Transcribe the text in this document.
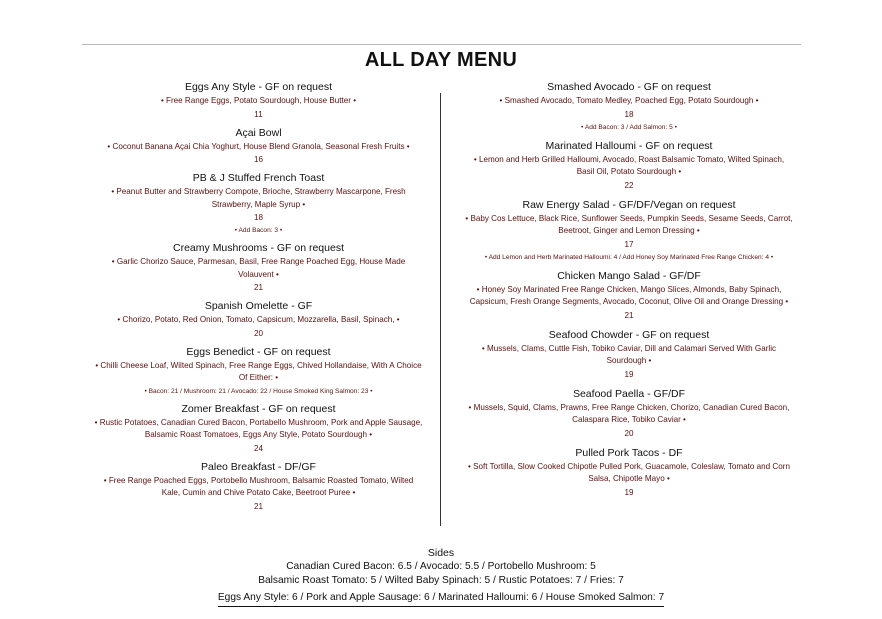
ALL DAY MENU
Eggs Any Style - GF on request
• Free Range Eggs, Potato Sourdough, House Butter •
11
Açai Bowl
• Coconut Banana Açai Chia Yoghurt, House Blend Granola, Seasonal Fresh Fruits •
16
PB & J Stuffed French Toast
• Peanut Butter and Strawberry Compote, Brioche, Strawberry Mascarpone, Fresh Strawberry, Maple Syrup •
18
• Add Bacon: 3 •
Creamy Mushrooms - GF on request
• Garlic Chorizo Sauce, Parmesan, Basil, Free Range Poached Egg, House Made Volauvent •
21
Spanish Omelette - GF
• Chorizo, Potato, Red Onion, Tomato, Capsicum, Mozzarella, Basil, Spinach, •
20
Eggs Benedict - GF on request
• Chilli Cheese Loaf, Wilted Spinach, Free Range Eggs, Chived Hollandaise, With A Choice Of Either: •
• Bacon: 21 / Mushroom: 21 / Avocado: 22 / House Smoked King Salmon: 23 •
Zomer Breakfast - GF on request
• Rustic Potatoes, Canadian Cured Bacon, Portabello Mushroom, Pork and Apple Sausage, Balsamic Roast Tomatoes, Eggs Any Style, Potato Sourdough •
24
Paleo Breakfast - DF/GF
• Free Range Poached Eggs, Portobello Mushroom, Balsamic Roasted Tomato, Wilted Kale, Cumin and Chive Potato Cake, Beetroot Puree •
21
Smashed Avocado - GF on request
• Smashed Avocado, Tomato Medley, Poached Egg, Potato Sourdough •
18
• Add Bacon: 3 / Add Salmon: 5 •
Marinated Halloumi - GF on request
• Lemon and Herb Grilled Halloumi, Avocado, Roast Balsamic Tomato, Wilted Spinach, Basil Oil, Potato Sourdough •
22
Raw Energy Salad - GF/DF/Vegan on request
• Baby Cos Lettuce, Black Rice, Sunflower Seeds, Pumpkin Seeds, Sesame Seeds, Carrot, Beetroot, Ginger and Lemon Dressing •
17
• Add Lemon and Herb Marinated Halloumi: 4 / Add Honey Soy Marinated Free Range Chicken: 4 •
Chicken Mango Salad - GF/DF
• Honey Soy Marinated Free Range Chicken, Mango Slices, Almonds, Baby Spinach, Capsicum, Fresh Orange Segments, Avocado, Coconut, Olive Oil and Orange Dressing •
21
Seafood Chowder - GF on request
• Mussels, Clams, Cuttle Fish, Tobiko Caviar, Dill and Calamari Served With Garlic Sourdough •
19
Seafood Paella - GF/DF
• Mussels, Squid, Clams, Prawns, Free Range Chicken, Chorizo, Canadian Cured Bacon, Calaspara Rice, Tobiko Caviar •
20
Pulled Pork Tacos - DF
• Soft Tortilla, Slow Cooked Chipotle Pulled Pork, Guacamole, Coleslaw, Tomato and Corn Salsa, Chipotle Mayo •
19
Sides
Canadian Cured Bacon: 6.5 / Avocado: 5.5 / Portobello Mushroom: 5
Balsamic Roast Tomato: 5 / Wilted Baby Spinach: 5 / Rustic Potatoes: 7 / Fries: 7
Eggs Any Style: 6 / Pork and Apple Sausage: 6 / Marinated Halloumi: 6 / House Smoked Salmon: 7
